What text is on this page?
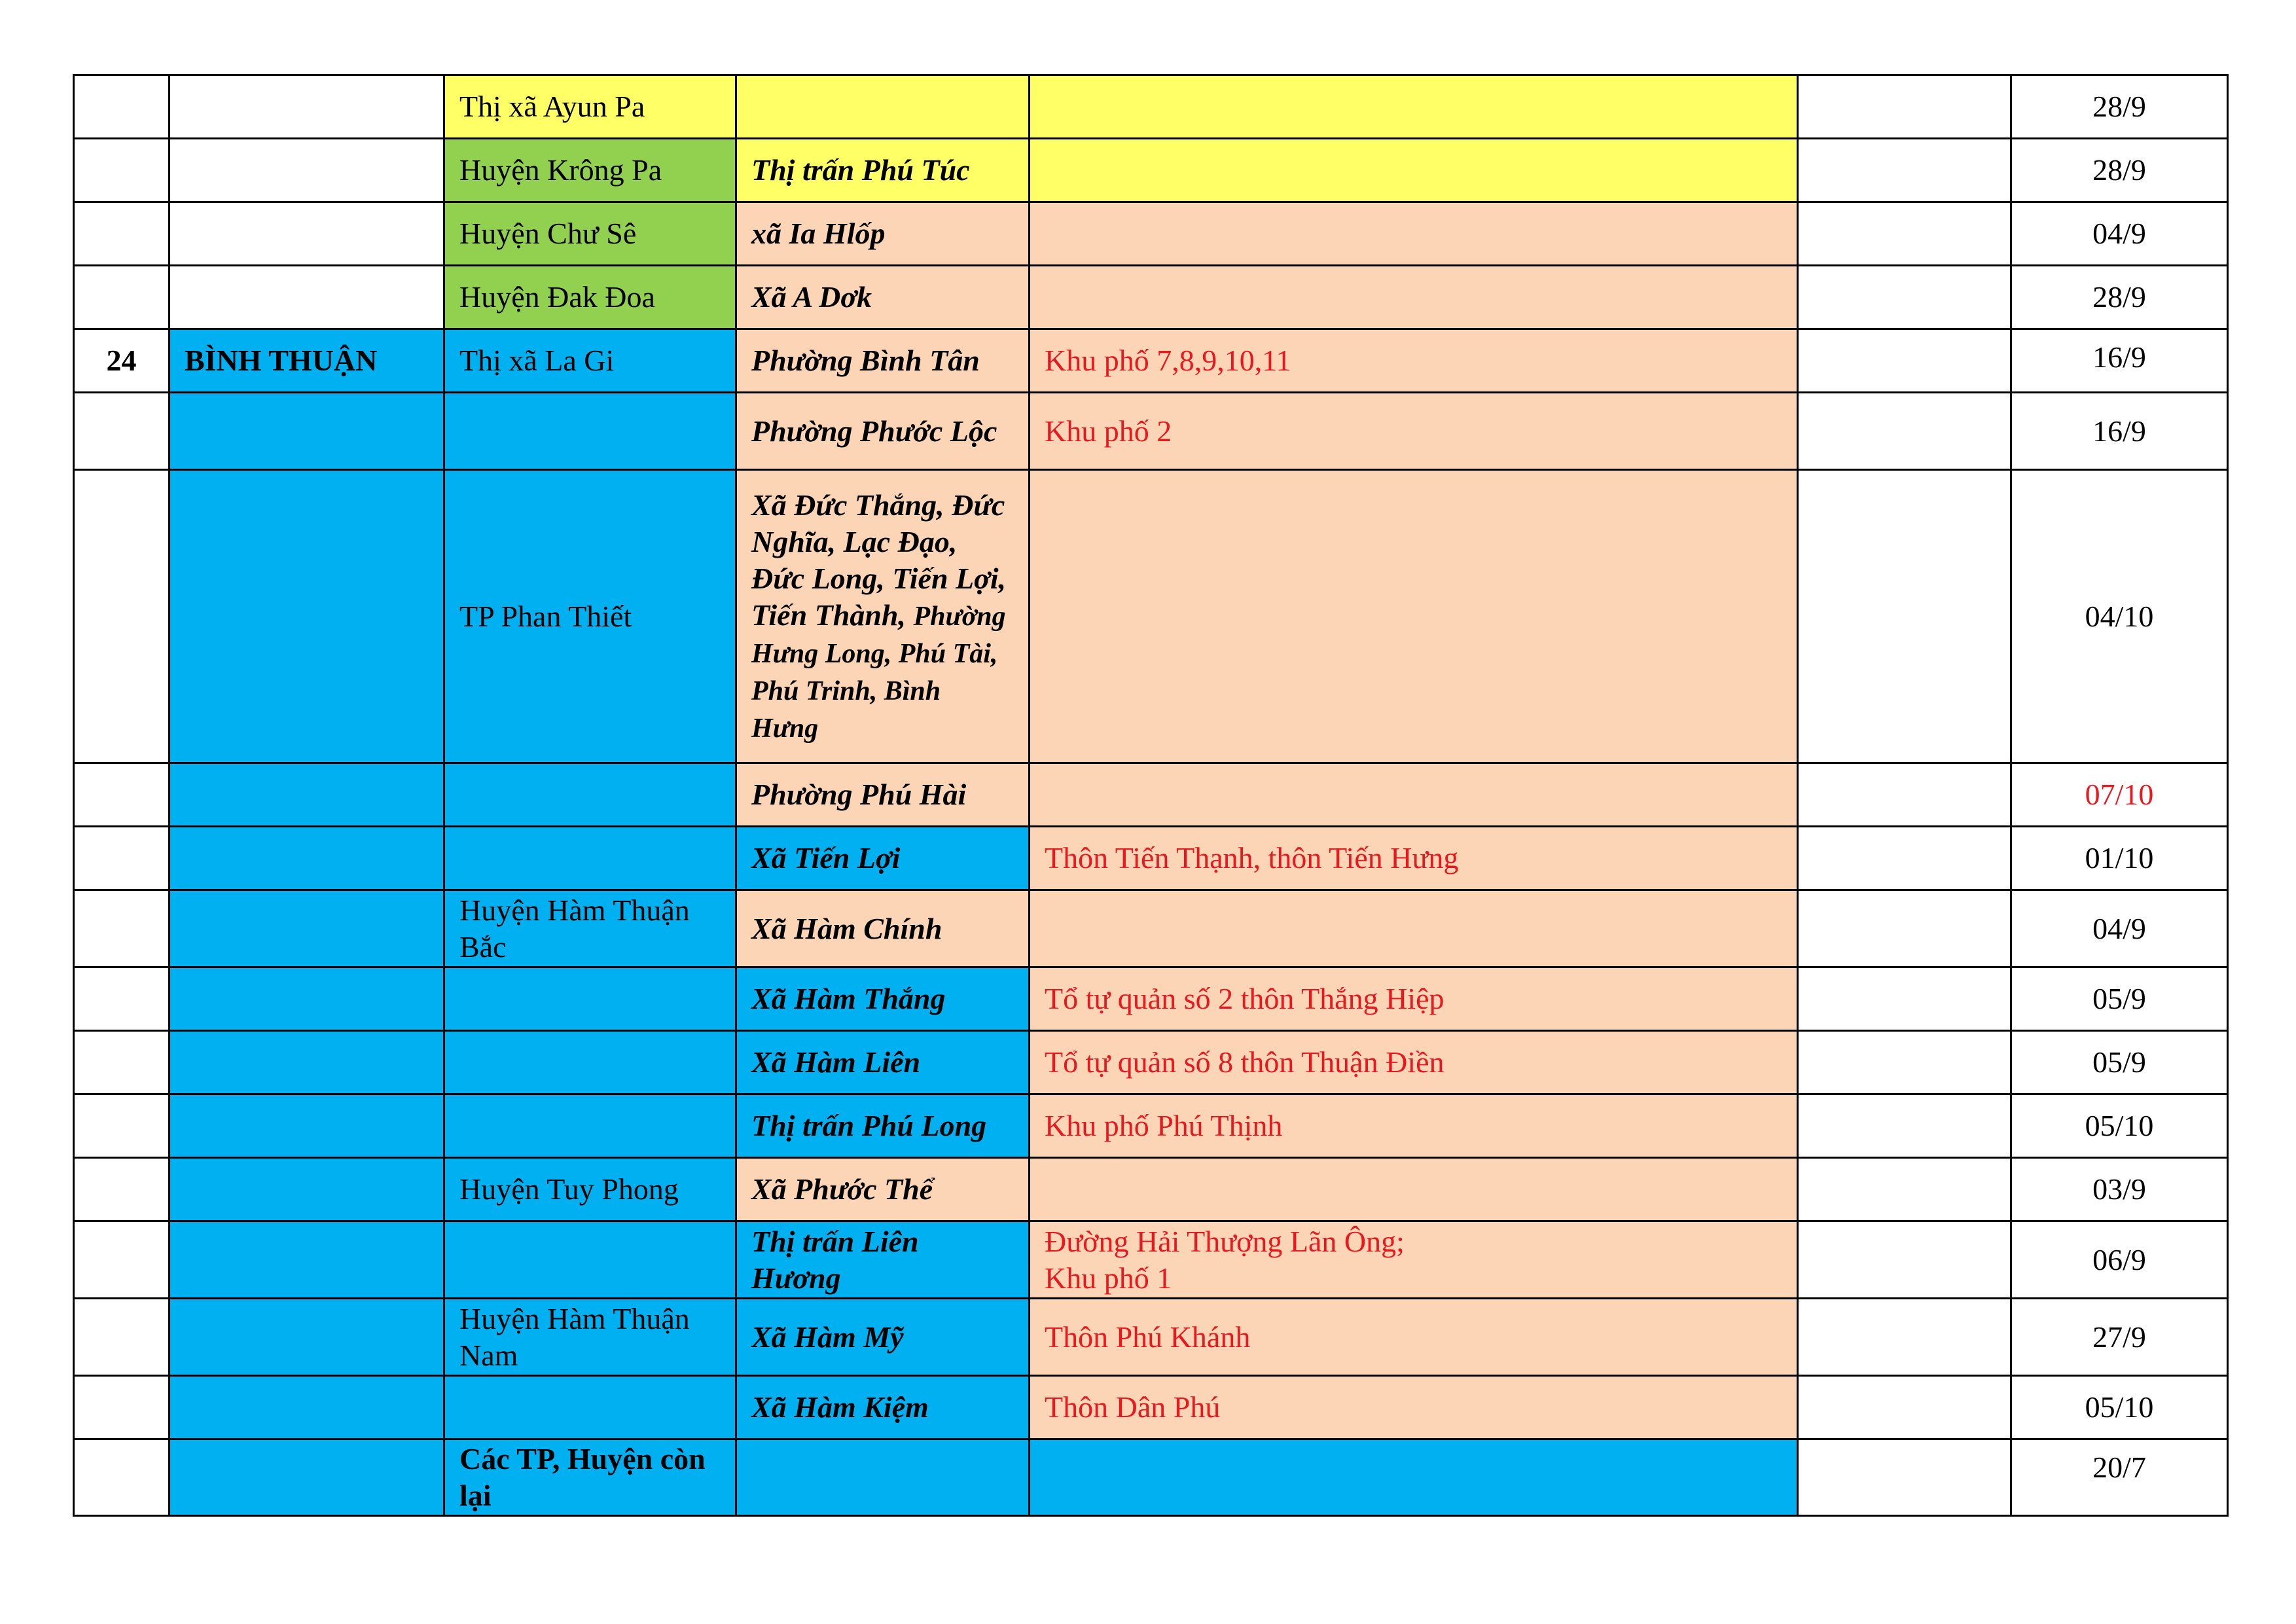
		Thị xã Ayun Pa				28/9
		Huyện Krông Pa	Thị trấn Phú Túc			28/9
		Huyện Chư Sê	xã Ia Hlốp			04/9
		Huyện Đak Đoa	Xã A Dơk			28/9
24	BÌNH THUẬN	Thị xã La Gi	Phường Bình Tân	Khu phố 7,8,9,10,11		16/9
			Phường Phước Lộc	Khu phố 2		16/9
		TP Phan Thiết	Xã Đức Thắng, Đức Nghĩa, Lạc Đạo, Đức Long, Tiến Lợi, Tiến Thành, Phường Hưng Long, Phú Tài, Phú Trinh, Bình Hưng			04/10
			Phường Phú Hài			07/10
			Xã Tiến Lợi	Thôn Tiến Thạnh, thôn Tiến Hưng		01/10
		Huyện Hàm Thuận Bắc	Xã Hàm Chính			04/9
			Xã Hàm Thắng	Tổ tự quản số 2 thôn Thắng Hiệp		05/9
			Xã Hàm Liên	Tổ tự quản số 8 thôn Thuận Điền		05/9
			Thị trấn Phú Long	Khu phố Phú Thịnh		05/10
		Huyện Tuy Phong	Xã Phước Thể			03/9
			Thị trấn Liên Hương	Đường Hải Thượng Lãn Ông;
Khu phố 1		06/9
		Huyện Hàm Thuận Nam	Xã Hàm Mỹ	Thôn Phú Khánh		27/9
			Xã Hàm Kiệm	Thôn Dân Phú		05/10
		Các TP, Huyện còn lại				20/7
